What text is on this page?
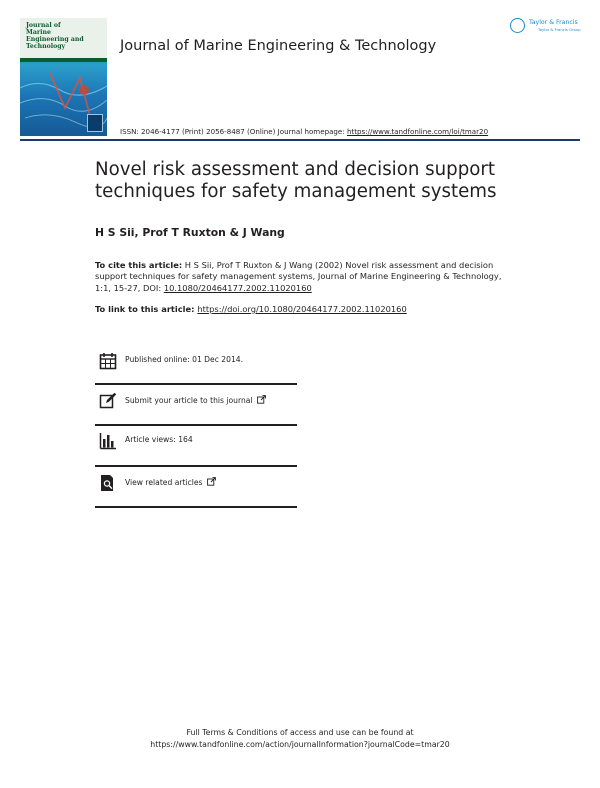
Journal of
Marine
Engineering and
Technology
Taylor & Francis
Taylor & Francis Group
Journal of Marine Engineering & Technology
ISSN: 2046-4177 (Print) 2056-8487 (Online) Journal homepage: https://www.tandfonline.com/loi/tmar20
Novel risk assessment and decision support techniques for safety management systems
H S Sii, Prof T Ruxton & J Wang
To cite this article: H S Sii, Prof T Ruxton & J Wang (2002) Novel risk assessment and decision support techniques for safety management systems, Journal of Marine Engineering & Technology, 1:1, 15-27, DOI: 10.1080/20464177.2002.11020160
To link to this article: https://doi.org/10.1080/20464177.2002.11020160
Published online: 01 Dec 2014.
Submit your article to this journal
Article views: 164
View related articles
Full Terms & Conditions of access and use can be found at
https://www.tandfonline.com/action/journalInformation?journalCode=tmar20
